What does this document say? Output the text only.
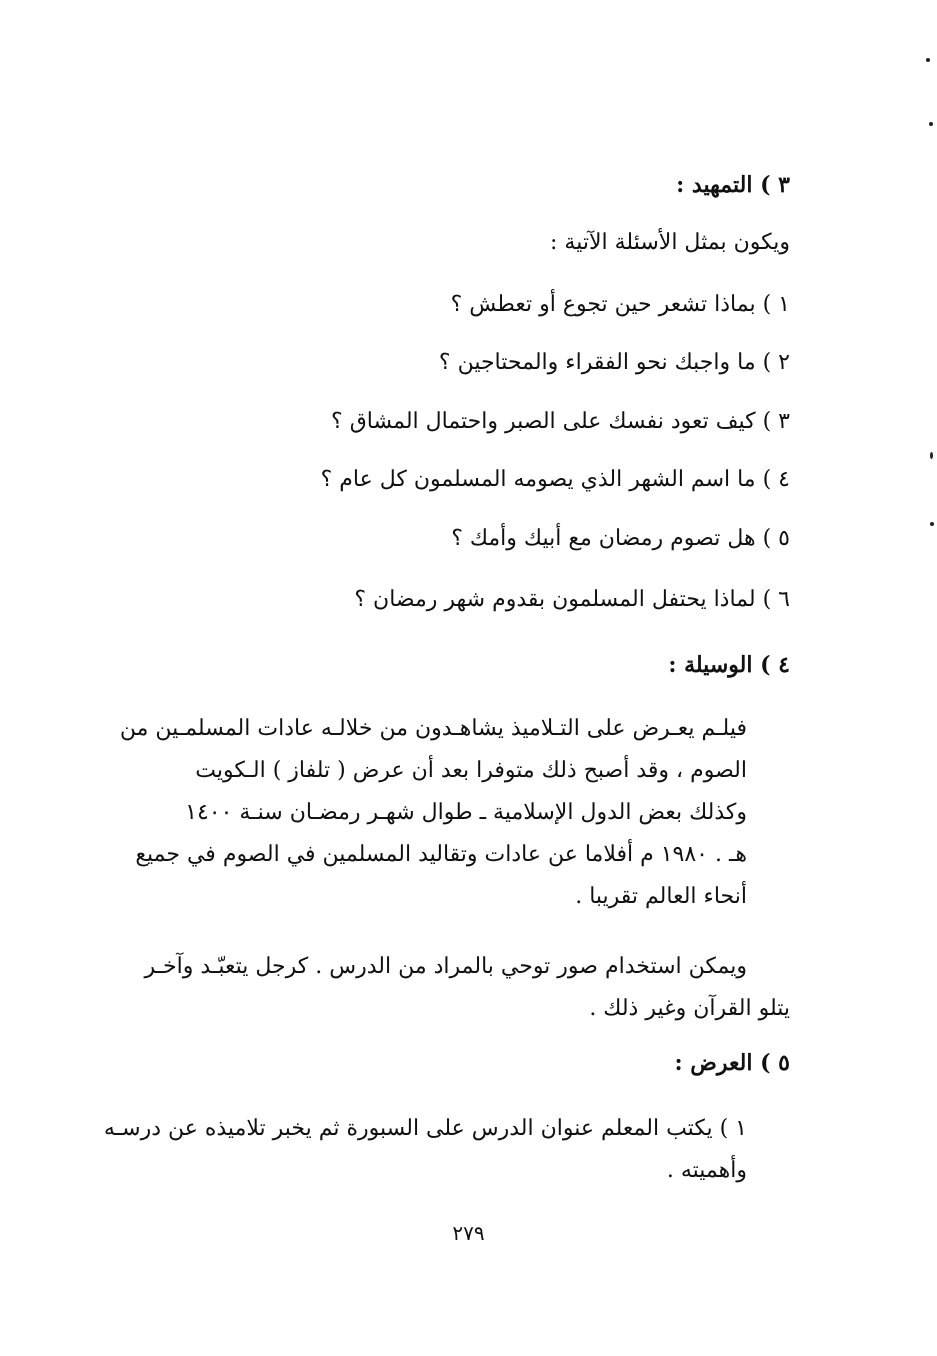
٣ ) التمهيد :
ويكون بمثل الأسئلة الآتية :
١ ) بماذا تشعر حين تجوع أو تعطش ؟
٢ ) ما واجبك نحو الفقراء والمحتاجين ؟
٣ ) كيف تعود نفسك على الصبر واحتمال المشاق ؟
٤ ) ما اسم الشهر الذي يصومه المسلمون كل عام ؟
٥ ) هل تصوم رمضان مع أبيك وأمك ؟
٦ ) لماذا يحتفل المسلمون بقدوم شهر رمضان ؟
٤ ) الوسيلة :

فيلـم يعـرض على التـلاميذ يشاهـدون من خلالـه عادات المسلمـين من

الصوم ، وقد أصبح ذلك متوفرا بعد أن عرض ( تلفاز ) الـكويت

وكذلك بعض الدول الإسلامية ـ طوال شهـر رمضـان سنـة ١٤٠٠

هـ . ١٩٨٠ م أفلاما عن عادات وتقاليد المسلمين في الصوم في جميع

أنحاء العالم تقريبا .

ويمكن استخدام صور توحي بالمراد من الدرس . كرجل يتعبّـد وآخـر

يتلو القرآن وغير ذلك .
٥ ) العرض :

١ ) يكتب المعلم عنوان الدرس على السبورة ثم يخبر تلاميذه عن درسـه

وأهميته .

٢٧٩
